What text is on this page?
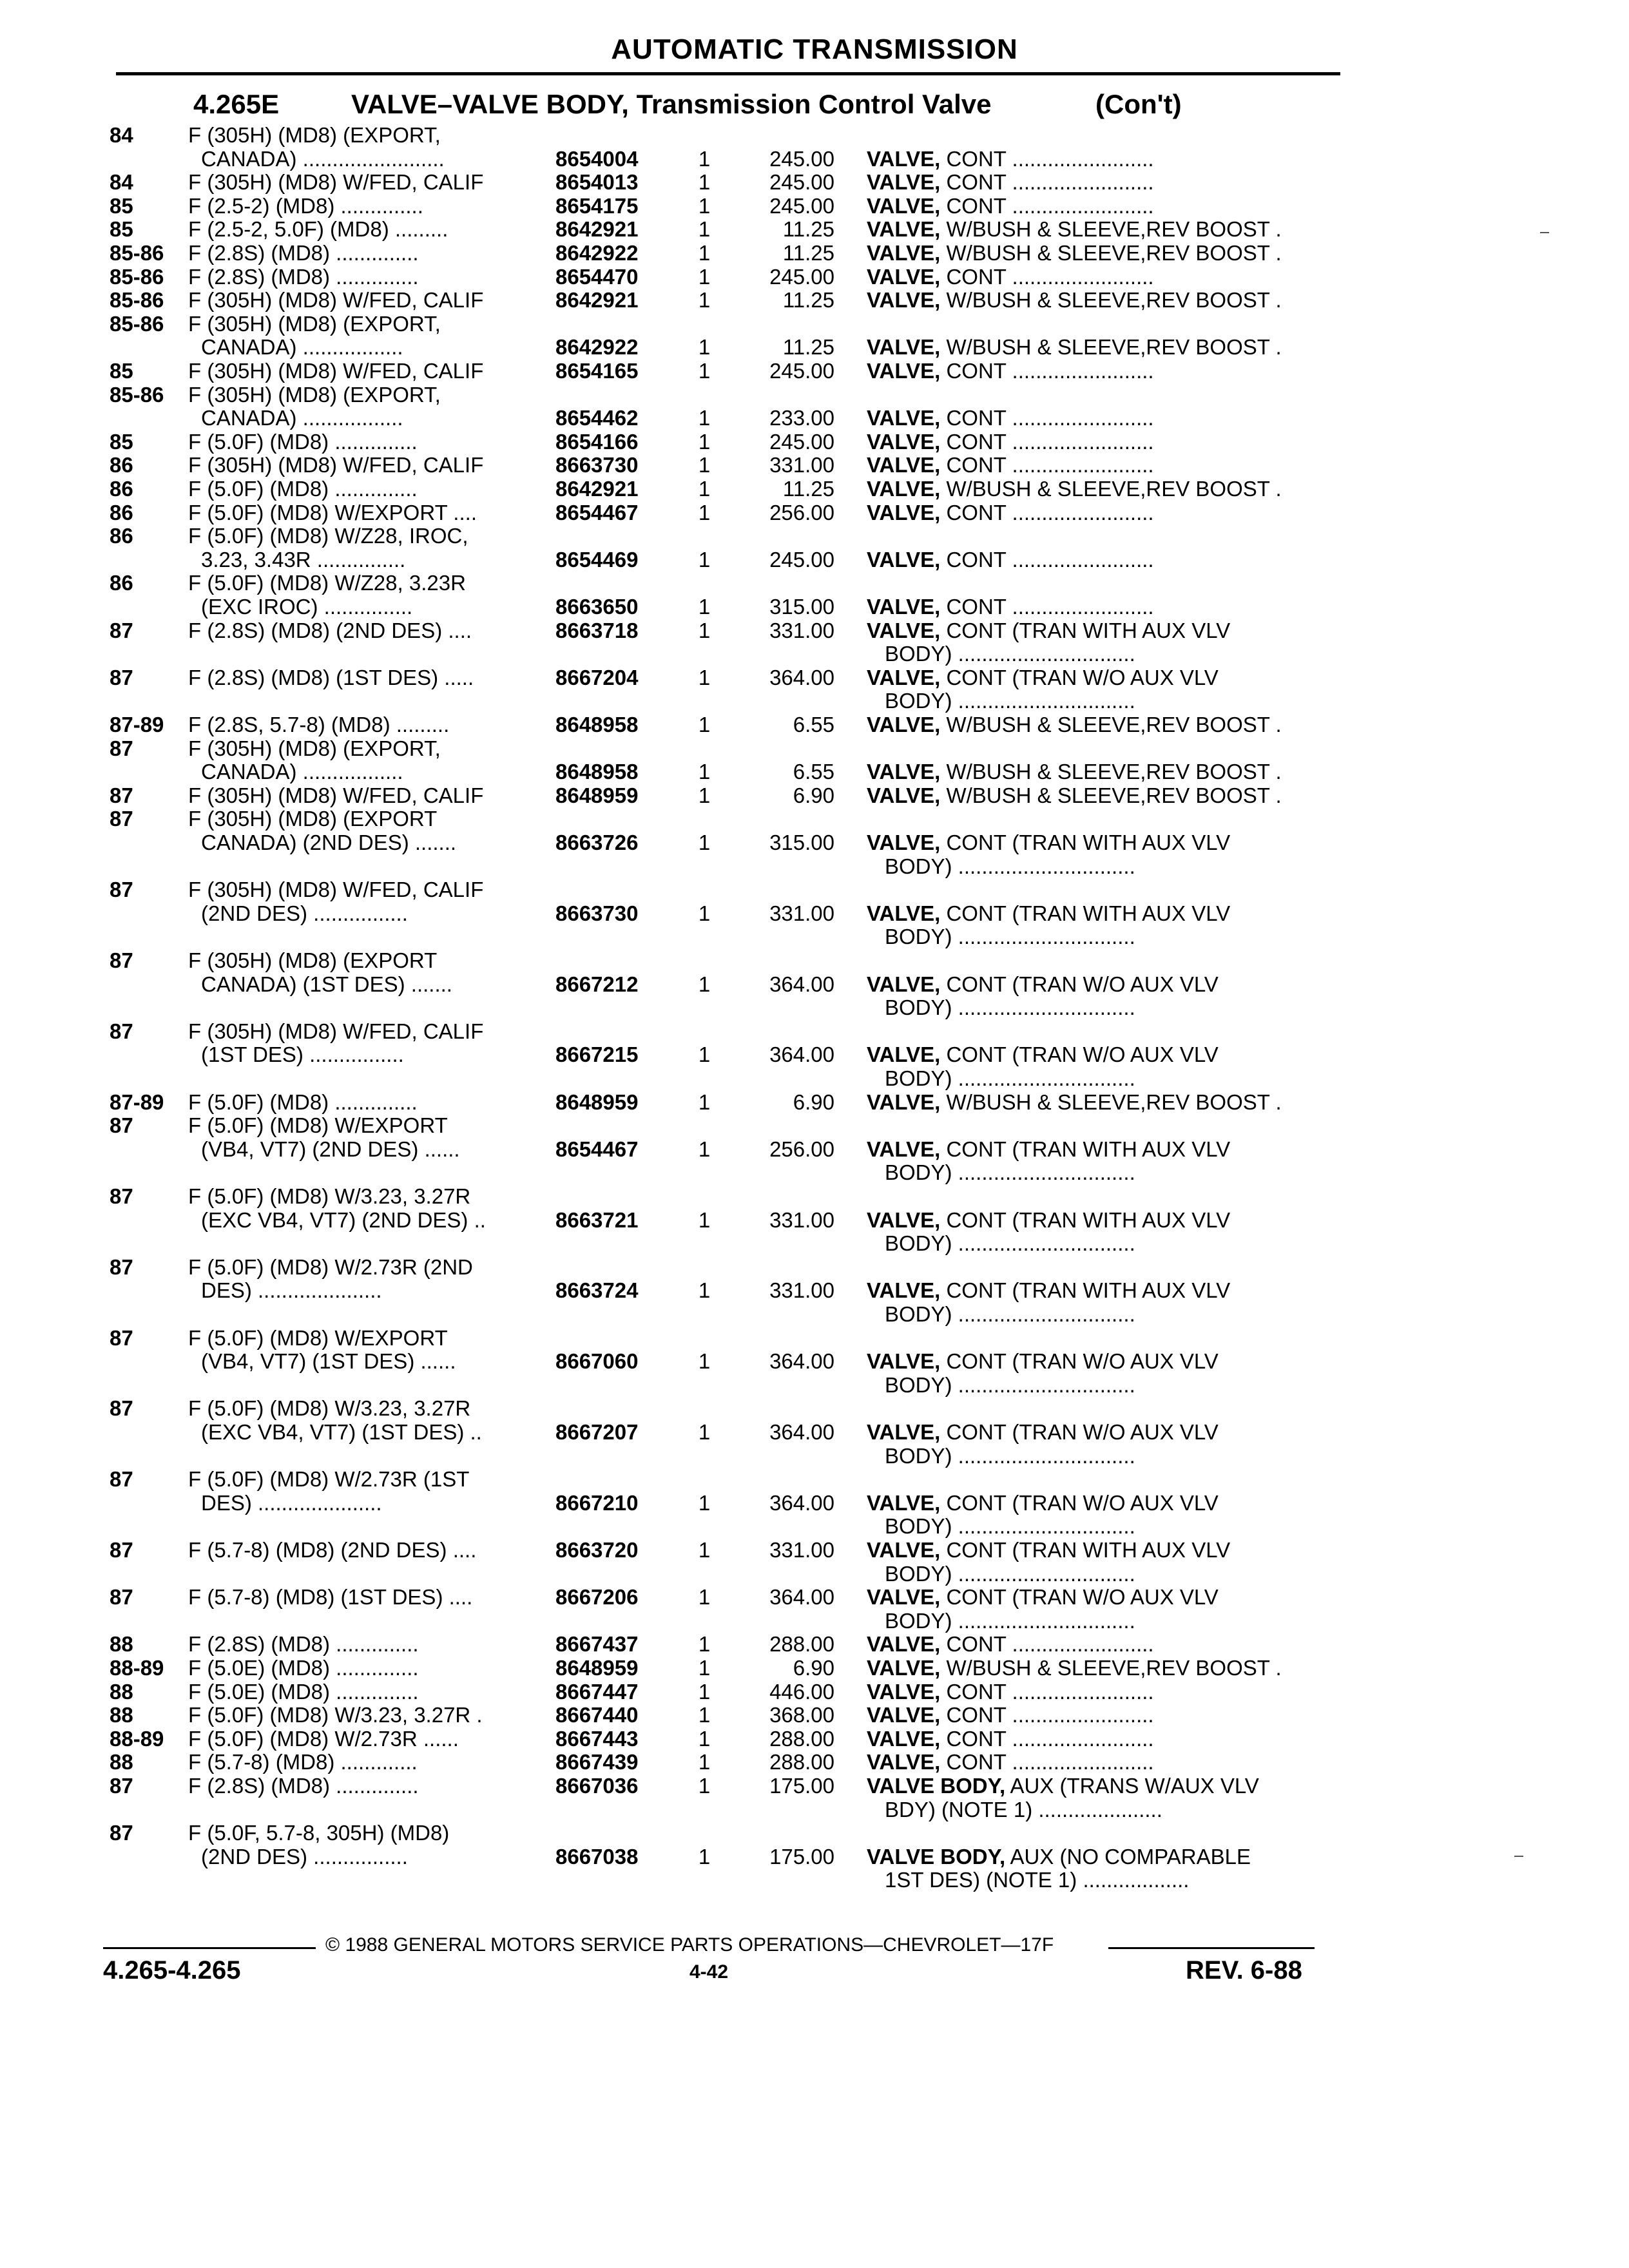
AUTOMATIC TRANSMISSION
4.265E	VALVE–VALVE BODY, Transmission Control Valve	(Con't)
84	F (305H) (MD8) (EXPORT,
CANADA) ........................	8654004	1	245.00 VALVE, CONT ........................
84	F (305H) (MD8) W/FED, CALIF	8654013	1	245.00 VALVE, CONT ........................
85	F (2.5-2) (MD8) ..............	8654175	1	245.00 VALVE, CONT ........................
85	F (2.5-2, 5.0F) (MD8) .........	8642921	1	11.25 VALVE, W/BUSH & SLEEVE,REV BOOST .
85-86	F (2.8S) (MD8) ..............	8642922	1	11.25 VALVE, W/BUSH & SLEEVE,REV BOOST .
85-86	F (2.8S) (MD8) ..............	8654470	1	245.00 VALVE, CONT ........................
85-86	F (305H) (MD8) W/FED, CALIF	8642921	1	11.25 VALVE, W/BUSH & SLEEVE,REV BOOST .
85-86	F (305H) (MD8) (EXPORT,
CANADA) .................	8642922	1	11.25 VALVE, W/BUSH & SLEEVE,REV BOOST .
85	F (305H) (MD8) W/FED, CALIF	8654165	1	245.00 VALVE, CONT ........................
85-86	F (305H) (MD8) (EXPORT,
CANADA) .................	8654462	1	233.00 VALVE, CONT ........................
85	F (5.0F) (MD8) ..............	8654166	1	245.00 VALVE, CONT ........................
86	F (305H) (MD8) W/FED, CALIF	8663730	1	331.00 VALVE, CONT ........................
86	F (5.0F) (MD8) ..............	8642921	1	11.25 VALVE, W/BUSH & SLEEVE,REV BOOST .
86	F (5.0F) (MD8) W/EXPORT ....	8654467	1	256.00 VALVE, CONT ........................
86	F (5.0F) (MD8) W/Z28, IROC,
3.23, 3.43R ...............	8654469	1	245.00 VALVE, CONT ........................
86	F (5.0F) (MD8) W/Z28, 3.23R
(EXC IROC) ...............	8663650	1	315.00 VALVE, CONT ........................
87	F (2.8S) (MD8) (2ND DES) ....	8663718	1	331.00 VALVE, CONT (TRAN WITH AUX VLV
BODY) ..............................
87	F (2.8S) (MD8) (1ST DES) .....	8667204	1	364.00 VALVE, CONT (TRAN W/O AUX VLV
BODY) ..............................
87-89	F (2.8S, 5.7-8) (MD8) .........	8648958	1	6.55 VALVE, W/BUSH & SLEEVE,REV BOOST .
87	F (305H) (MD8) (EXPORT,
CANADA) .................	8648958	1	6.55 VALVE, W/BUSH & SLEEVE,REV BOOST .
87	F (305H) (MD8) W/FED, CALIF	8648959	1	6.90 VALVE, W/BUSH & SLEEVE,REV BOOST .
87	F (305H) (MD8) (EXPORT
CANADA) (2ND DES) .......	8663726	1	315.00 VALVE, CONT (TRAN WITH AUX VLV
BODY) ..............................
87	F (305H) (MD8) W/FED, CALIF
(2ND DES) ................	8663730	1	331.00 VALVE, CONT (TRAN WITH AUX VLV
BODY) ..............................
87	F (305H) (MD8) (EXPORT
CANADA) (1ST DES) .......	8667212	1	364.00 VALVE, CONT (TRAN W/O AUX VLV
BODY) ..............................
87	F (305H) (MD8) W/FED, CALIF
(1ST DES) ................	8667215	1	364.00 VALVE, CONT (TRAN W/O AUX VLV
BODY) ..............................
87-89	F (5.0F) (MD8) ..............	8648959	1	6.90 VALVE, W/BUSH & SLEEVE,REV BOOST .
87	F (5.0F) (MD8) W/EXPORT
(VB4, VT7) (2ND DES) ......	8654467	1	256.00 VALVE, CONT (TRAN WITH AUX VLV
BODY) ..............................
87	F (5.0F) (MD8) W/3.23, 3.27R
(EXC VB4, VT7) (2ND DES) ..	8663721	1	331.00 VALVE, CONT (TRAN WITH AUX VLV
BODY) ..............................
87	F (5.0F) (MD8) W/2.73R (2ND
DES) .....................	8663724	1	331.00 VALVE, CONT (TRAN WITH AUX VLV
BODY) ..............................
87	F (5.0F) (MD8) W/EXPORT
(VB4, VT7) (1ST DES) ......	8667060	1	364.00 VALVE, CONT (TRAN W/O AUX VLV
BODY) ..............................
87	F (5.0F) (MD8) W/3.23, 3.27R
(EXC VB4, VT7) (1ST DES) ..	8667207	1	364.00 VALVE, CONT (TRAN W/O AUX VLV
BODY) ..............................
87	F (5.0F) (MD8) W/2.73R (1ST
DES) .....................	8667210	1	364.00 VALVE, CONT (TRAN W/O AUX VLV
BODY) ..............................
87	F (5.7-8) (MD8) (2ND DES) ....	8663720	1	331.00 VALVE, CONT (TRAN WITH AUX VLV
BODY) ..............................
87	F (5.7-8) (MD8) (1ST DES) ....	8667206	1	364.00 VALVE, CONT (TRAN W/O AUX VLV
BODY) ..............................
88	F (2.8S) (MD8) ..............	8667437	1	288.00 VALVE, CONT ........................
88-89	F (5.0E) (MD8) ..............	8648959	1	6.90 VALVE, W/BUSH & SLEEVE,REV BOOST .
88	F (5.0E) (MD8) ..............	8667447	1	446.00 VALVE, CONT ........................
88	F (5.0F) (MD8) W/3.23, 3.27R .	8667440	1	368.00 VALVE, CONT ........................
88-89	F (5.0F) (MD8) W/2.73R ......	8667443	1	288.00 VALVE, CONT ........................
88	F (5.7-8) (MD8) .............	8667439	1	288.00 VALVE, CONT ........................
87	F (2.8S) (MD8) ..............	8667036	1	175.00 VALVE BODY, AUX (TRANS W/AUX VLV
BDY) (NOTE 1) .....................
87	F (5.0F, 5.7-8, 305H) (MD8)
(2ND DES) ................	8667038	1	175.00 VALVE BODY, AUX (NO COMPARABLE
1ST DES) (NOTE 1) ..................
© 1988 GENERAL MOTORS SERVICE PARTS OPERATIONS—CHEVROLET—17F
4.265-4.265	4-42	REV. 6-88
